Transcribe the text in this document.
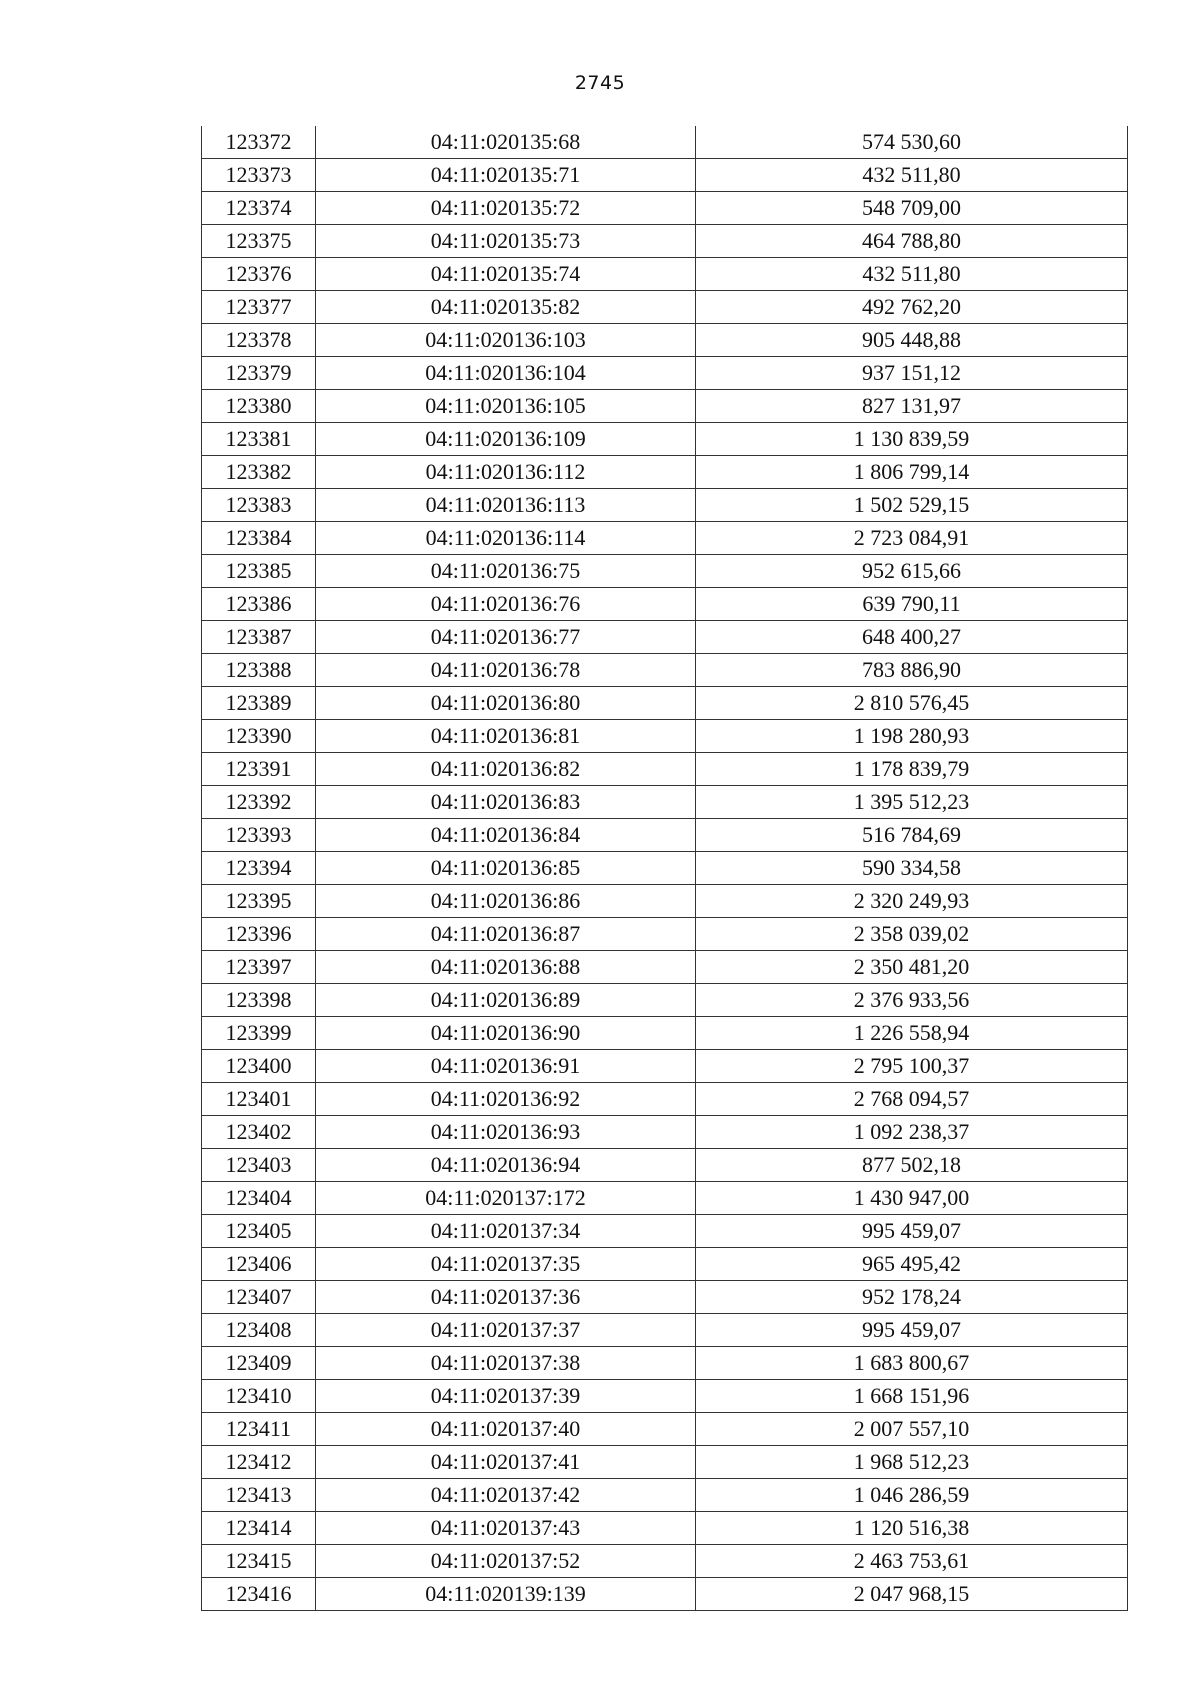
2745
123372	04:11:020135:68	574 530,60
123373	04:11:020135:71	432 511,80
123374	04:11:020135:72	548 709,00
123375	04:11:020135:73	464 788,80
123376	04:11:020135:74	432 511,80
123377	04:11:020135:82	492 762,20
123378	04:11:020136:103	905 448,88
123379	04:11:020136:104	937 151,12
123380	04:11:020136:105	827 131,97
123381	04:11:020136:109	1 130 839,59
123382	04:11:020136:112	1 806 799,14
123383	04:11:020136:113	1 502 529,15
123384	04:11:020136:114	2 723 084,91
123385	04:11:020136:75	952 615,66
123386	04:11:020136:76	639 790,11
123387	04:11:020136:77	648 400,27
123388	04:11:020136:78	783 886,90
123389	04:11:020136:80	2 810 576,45
123390	04:11:020136:81	1 198 280,93
123391	04:11:020136:82	1 178 839,79
123392	04:11:020136:83	1 395 512,23
123393	04:11:020136:84	516 784,69
123394	04:11:020136:85	590 334,58
123395	04:11:020136:86	2 320 249,93
123396	04:11:020136:87	2 358 039,02
123397	04:11:020136:88	2 350 481,20
123398	04:11:020136:89	2 376 933,56
123399	04:11:020136:90	1 226 558,94
123400	04:11:020136:91	2 795 100,37
123401	04:11:020136:92	2 768 094,57
123402	04:11:020136:93	1 092 238,37
123403	04:11:020136:94	877 502,18
123404	04:11:020137:172	1 430 947,00
123405	04:11:020137:34	995 459,07
123406	04:11:020137:35	965 495,42
123407	04:11:020137:36	952 178,24
123408	04:11:020137:37	995 459,07
123409	04:11:020137:38	1 683 800,67
123410	04:11:020137:39	1 668 151,96
123411	04:11:020137:40	2 007 557,10
123412	04:11:020137:41	1 968 512,23
123413	04:11:020137:42	1 046 286,59
123414	04:11:020137:43	1 120 516,38
123415	04:11:020137:52	2 463 753,61
123416	04:11:020139:139	2 047 968,15
